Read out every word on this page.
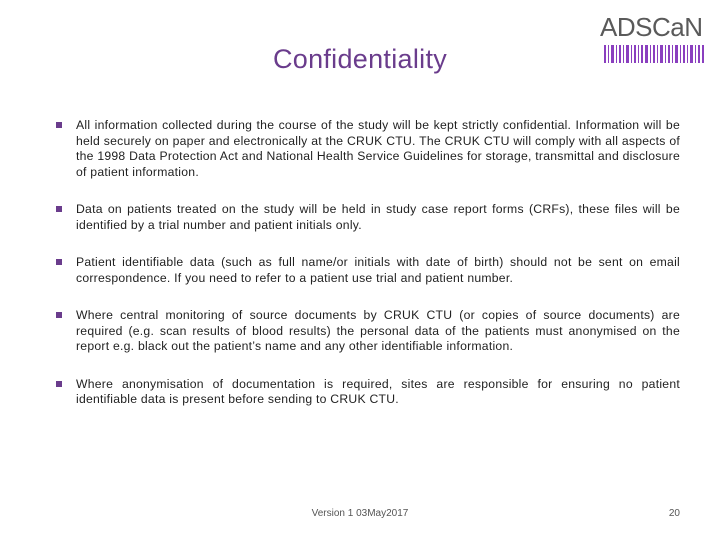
Confidentiality
ADSCaN
All information collected during the course of the study will be kept strictly confidential. Information will be held securely on paper and electronically at the CRUK CTU. The CRUK CTU will comply with all aspects of the 1998 Data Protection Act and National Health Service Guidelines for storage, transmittal and disclosure of patient information.
Data on patients treated on the study will be held in study case report forms (CRFs), these files will be identified by a trial number and patient initials only.
Patient identifiable data (such as full name/or initials with date of birth) should not be sent on email correspondence. If you need to refer to a patient use trial and patient number.
Where central monitoring of source documents by CRUK CTU (or copies of source documents) are required (e.g. scan results of blood results) the personal data of the patients must anonymised on the report e.g. black out the patient’s name and any other identifiable information.
Where anonymisation of documentation is required, sites are responsible for ensuring no patient identifiable data is present before sending to CRUK CTU.
Version 1 03May2017	20
